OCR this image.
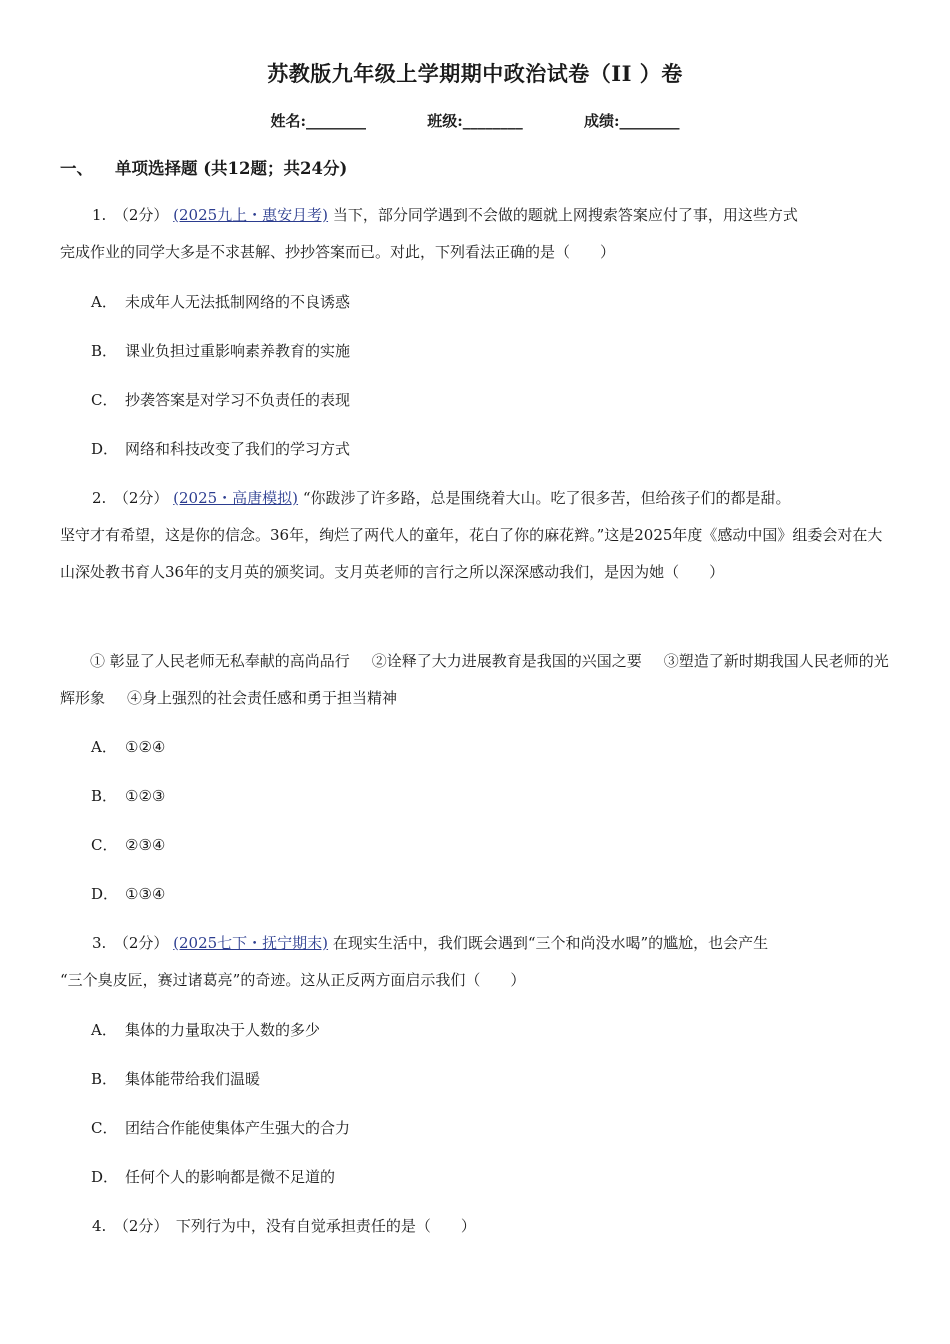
苏教版九年级上学期期中政治试卷（II ）卷
姓名:________	班级:________	成绩:________
一、 单项选择题 (共12题；共24分)
1.　 （2分） (2025九上・惠安月考) 当下，部分同学遇到不会做的题就上网搜索答案应付了事，用这些方式
完成作业的同学大多是不求甚解、抄抄答案而已。对此，下列看法正确的是（　　）
A． 未成年人无法抵制网络的不良诱惑
B． 课业负担过重影响素养教育的实施
C． 抄袭答案是对学习不负责任的表现
D． 网络和科技改变了我们的学习方式
2.　 （2分） (2025・高唐模拟) “你跋涉了许多路，总是围绕着大山。吃了很多苦，但给孩子们的都是甜。
坚守才有希望，这是你的信念。36年，绚烂了两代人的童年，花白了你的麻花辫。”这是2025年度《感动中国》组委会对在大山深处教书育人36年的支月英的颁奖词。支月英老师的言行之所以深深感动我们，是因为她（　　）
① 彰显了人民老师无私奉献的高尚品行 ②诠释了大力进展教育是我国的兴国之要 ③塑造了新时期我国人民老师的光辉形象 ④身上强烈的社会责任感和勇于担当精神
A． ①②④
B． ①②③
C． ②③④
D． ①③④
3.　 （2分） (2025七下・抚宁期末) 在现实生活中，我们既会遇到“三个和尚没水喝”的尴尬，也会产生
“三个臭皮匠，赛过诸葛亮”的奇迹。这从正反两方面启示我们（　　）
A． 集体的力量取决于人数的多少
B． 集体能带给我们温暖
C． 团结合作能使集体产生强大的合力
D． 任何个人的影响都是微不足道的
4.　 （2分）　 下列行为中，没有自觉承担责任的是（　　）
